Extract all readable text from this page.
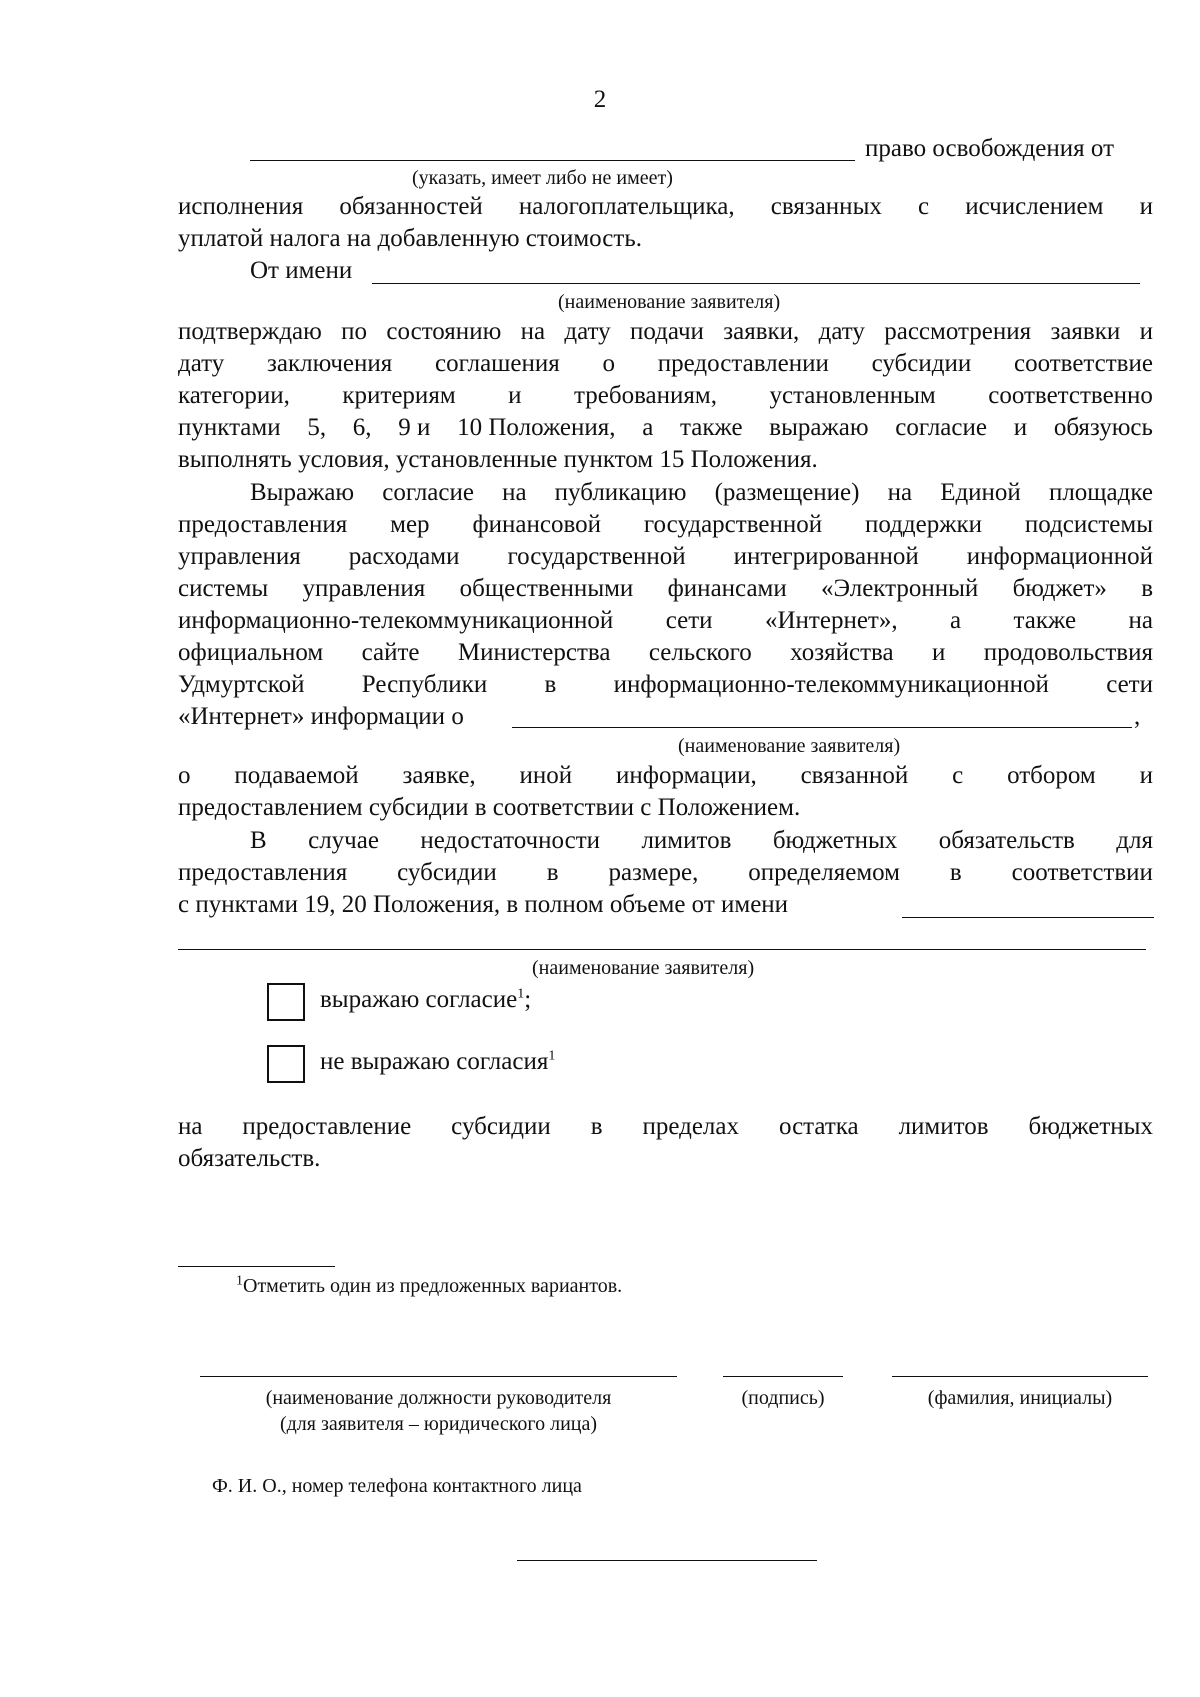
2
право освобождения от
(указать, имеет либо не имеет)
исполнения обязанностей налогоплательщика, связанных с исчислением и
уплатой налога на добавленную стоимость.
От имени
(наименование заявителя)
подтверждаю по состоянию на дату подачи заявки, дату рассмотрения заявки и
дату заключения соглашения о предоставлении субсидии соответствие
категории, критериям и требованиям, установленным соответственно
пунктами 5, 6, 9 и 10 Положения, а также выражаю согласие и обязуюсь
выполнять условия, установленные пунктом 15 Положения.
Выражаю согласие на публикацию (размещение) на Единой площадке
предоставления мер финансовой государственной поддержки подсистемы
управления расходами государственной интегрированной информационной
системы управления общественными финансами «Электронный бюджет» в
информационно-телекоммуникационной сети «Интернет», а также на
официальном сайте Министерства сельского хозяйства и продовольствия
Удмуртской Республики в информационно-телекоммуникационной сети
«Интернет» информации о	,
(наименование заявителя)
о подаваемой заявке, иной информации, связанной с отбором и
предоставлением субсидии в соответствии с Положением.
В случае недостаточности лимитов бюджетных обязательств для
предоставления субсидии в размере, определяемом в соответствии
с пунктами 19, 20 Положения, в полном объеме от имени
(наименование заявителя)
выражаю согласие$^1$;
не выражаю согласия$^1$
на предоставление субсидии в пределах остатка лимитов бюджетных
обязательств.
$^1$Отметить один из предложенных вариантов.
(наименование должности руководителя
(для заявителя – юридического лица)
(подпись)	(фамилия, инициалы)
Ф. И. О., номер телефона контактного лица
